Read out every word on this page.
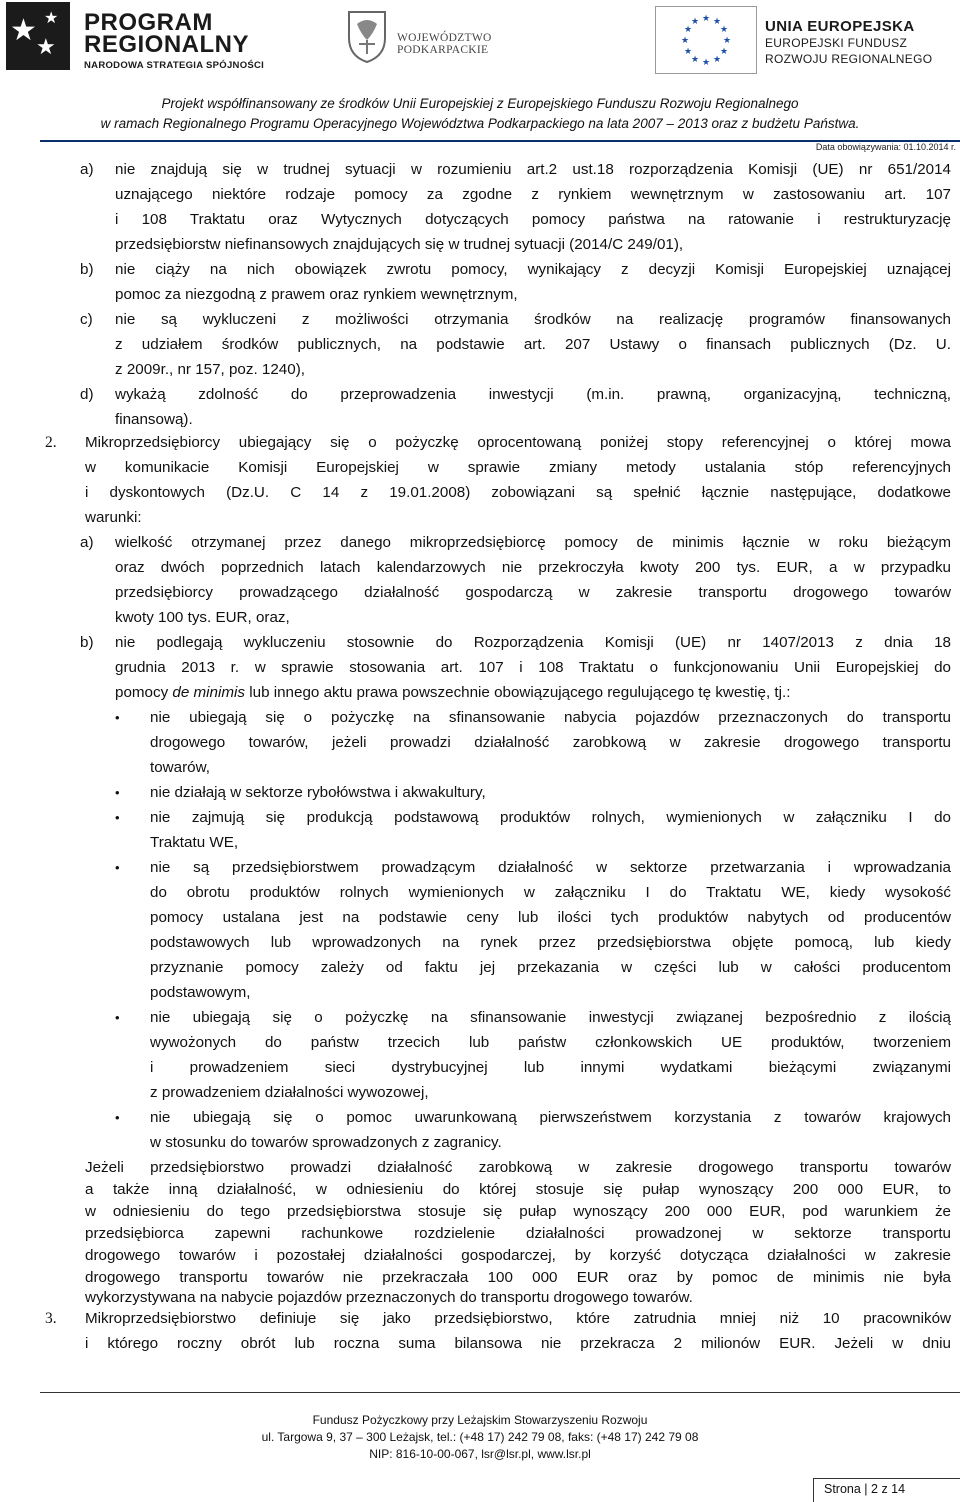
★ ★
★ PROGRAM
REGIONALNY
NARODOWA STRATEGIA SPÓJNOŚCI
WOJEWÓDZTWO PODKARPACKIE
★ ★
★
★
★
★
★
★
★
★
★
★	UNIA EUROPEJSKA
EUROPEJSKI FUNDUSZ
ROZWOJU REGIONALNEGO
Projekt współfinansowany ze środków Unii Europejskiej z Europejskiego Funduszu Rozwoju Regionalnego
w ramach Regionalnego Programu Operacyjnego Województwa Podkarpackiego na lata 2007 – 2013 oraz z budżetu Państwa.
Data obowiązywania: 01.10.2014 r.
a) nie znajdują się w trudnej sytuacji w rozumieniu art.2 ust.18 rozporządzenia Komisji (UE) nr 651/2014
uznającego niektóre rodzaje pomocy za zgodne z rynkiem wewnętrznym w zastosowaniu art. 107
i 108 Traktatu oraz Wytycznych dotyczących pomocy państwa na ratowanie i restrukturyzację
przedsiębiorstw niefinansowych znajdujących się w trudnej sytuacji (2014/C 249/01),
b) nie ciąży na nich obowiązek zwrotu pomocy, wynikający z decyzji Komisji Europejskiej uznającej
pomoc za niezgodną z prawem oraz rynkiem wewnętrznym,
c) nie są wykluczeni z możliwości otrzymania środków na realizację programów finansowanych
z udziałem środków publicznych, na podstawie art. 207 Ustawy o finansach publicznych (Dz. U.
z 2009r., nr 157, poz. 1240),
d) wykażą zdolność do przeprowadzenia inwestycji (m.in. prawną, organizacyjną, techniczną,
finansową).
2. Mikroprzedsiębiorcy ubiegający się o pożyczkę oprocentowaną poniżej stopy referencyjnej o której mowa
w komunikacie Komisji Europejskiej w sprawie zmiany metody ustalania stóp referencyjnych
i dyskontowych (Dz.U. C 14 z 19.01.2008) zobowiązani są spełnić łącznie następujące, dodatkowe
warunki:
a) wielkość otrzymanej przez danego mikroprzedsiębiorcę pomocy de minimis łącznie w roku bieżącym
oraz dwóch poprzednich latach kalendarzowych nie przekroczyła kwoty 200 tys. EUR, a w przypadku
przedsiębiorcy prowadzącego działalność gospodarczą w zakresie transportu drogowego towarów
kwoty 100 tys. EUR, oraz,
b) nie podlegają wykluczeniu stosownie do Rozporządzenia Komisji (UE) nr 1407/2013 z dnia 18
grudnia 2013 r. w sprawie stosowania art. 107 i 108 Traktatu o funkcjonowaniu Unii Europejskiej do
pomocy de minimis lub innego aktu prawa powszechnie obowiązującego regulującego tę kwestię, tj.:
• nie ubiegają się o pożyczkę na sfinansowanie nabycia pojazdów przeznaczonych do transportu
drogowego towarów, jeżeli prowadzi działalność zarobkową w zakresie drogowego transportu
towarów,
• nie działają w sektorze rybołówstwa i akwakultury,
• nie zajmują się produkcją podstawową produktów rolnych, wymienionych w załączniku I do
Traktatu WE,
• nie są przedsiębiorstwem prowadzącym działalność w sektorze przetwarzania i wprowadzania
do obrotu produktów rolnych wymienionych w załączniku I do Traktatu WE, kiedy wysokość
pomocy ustalana jest na podstawie ceny lub ilości tych produktów nabytych od producentów
podstawowych lub wprowadzonych na rynek przez przedsiębiorstwa objęte pomocą, lub kiedy
przyznanie pomocy zależy od faktu jej przekazania w części lub w całości producentom
podstawowym,
• nie ubiegają się o pożyczkę na sfinansowanie inwestycji związanej bezpośrednio z ilością
wywożonych do państw trzecich lub państw członkowskich UE produktów, tworzeniem
i prowadzeniem sieci dystrybucyjnej lub innymi wydatkami bieżącymi związanymi
z prowadzeniem działalności wywozowej,
• nie ubiegają się o pomoc uwarunkowaną pierwszeństwem korzystania z towarów krajowych
w stosunku do towarów sprowadzonych z zagranicy.
Jeżeli przedsiębiorstwo prowadzi działalność zarobkową w zakresie drogowego transportu towarów
a także inną działalność, w odniesieniu do której stosuje się pułap wynoszący 200 000 EUR, to
w odniesieniu do tego przedsiębiorstwa stosuje się pułap wynoszący 200 000 EUR, pod warunkiem że
przedsiębiorca zapewni rachunkowe rozdzielenie działalności prowadzonej w sektorze transportu
drogowego towarów i pozostałej działalności gospodarczej, by korzyść dotycząca działalności w zakresie
drogowego transportu towarów nie przekraczała 100 000 EUR oraz by pomoc de minimis nie była
wykorzystywana na nabycie pojazdów przeznaczonych do transportu drogowego towarów.
3. Mikroprzedsiębiorstwo definiuje się jako przedsiębiorstwo, które zatrudnia mniej niż 10 pracowników
i którego roczny obrót lub roczna suma bilansowa nie przekracza 2 milionów EUR. Jeżeli w dniu
Fundusz Pożyczkowy przy Leżajskim Stowarzyszeniu Rozwoju
ul. Targowa 9, 37 – 300 Leżajsk, tel.: (+48 17) 242 79 08, faks: (+48 17) 242 79 08
NIP: 816-10-00-067, lsr@lsr.pl, www.lsr.pl
Strona | 2 z 14
